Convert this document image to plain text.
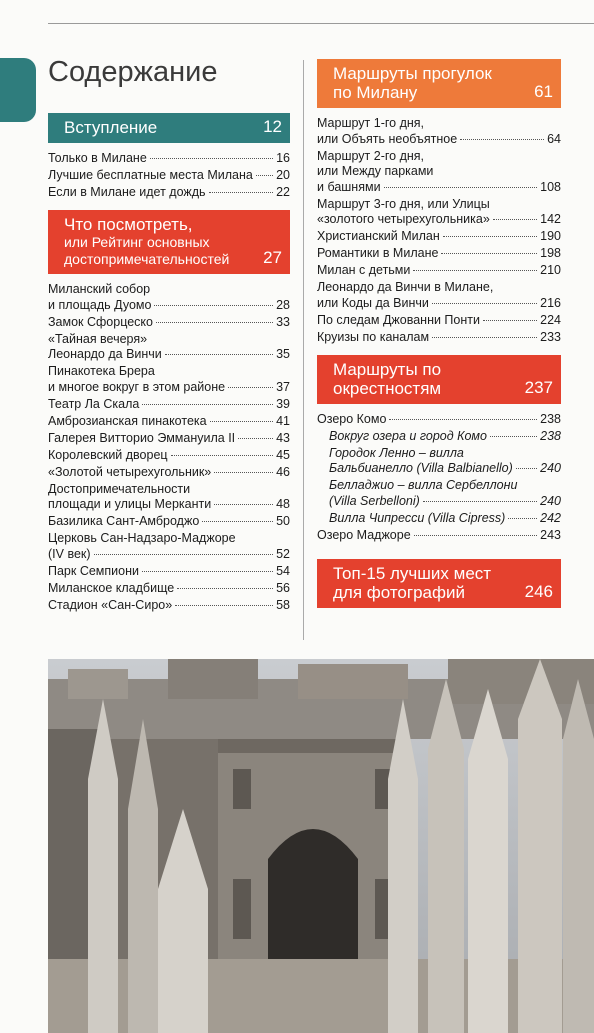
Содержание
Вступление	12
Только в Милане	16
Лучшие бесплатные места Милана 20
Если в Милане идет дождь	22
Что посмотреть,
или Рейтинг основных
достопримечательностей	27
Миланский собор
и площадь Дуомо	28
Замок Сфорцеско	33
«Тайная вечеря»
Леонардо да Винчи	35
Пинакотека Брера
и многое вокруг в этом районе	37
Театр Ла Скала	39
Амброзианская пинакотека	41
Галерея Витторио Эммануила II	43
Королевский дворец	45
«Золотой четырехугольник»	46
Достопримечательности
площади и улицы Мерканти	48
Базилика Сант-Амброджо	50
Церковь Сан-Надзаро-Маджоре
(IV век)	52
Парк Семпиони	54
Миланское кладбище	56
Стадион «Сан-Сиро»	58
Маршруты прогулок
по Милану	61
Маршрут 1-го дня,
или Объять необъятное	64
Маршрут 2-го дня,
или Между парками
и башнями	108
Маршрут 3-го дня, или Улицы
«золотого четырехугольника»	142
Христианский Милан	190
Романтики в Милане	198
Милан с детьми	210
Леонардо да Винчи в Милане,
или Коды да Винчи	216
По следам Джованни Понти	224
Круизы по каналам	233
Маршруты по
окрестностям	237
Озеро Комо	238
Вокруг озера и город Комо	238
Городок Ленно – вилла
Бальбианелло (Villa Balbianello) 240
Белладжио – вилла Сербеллони
(Villa Serbelloni)	240
Вилла Чипресси (Villa Cipress)	242
Озеро Маджоре	243
Топ-15 лучших мест
для фотографий	246
